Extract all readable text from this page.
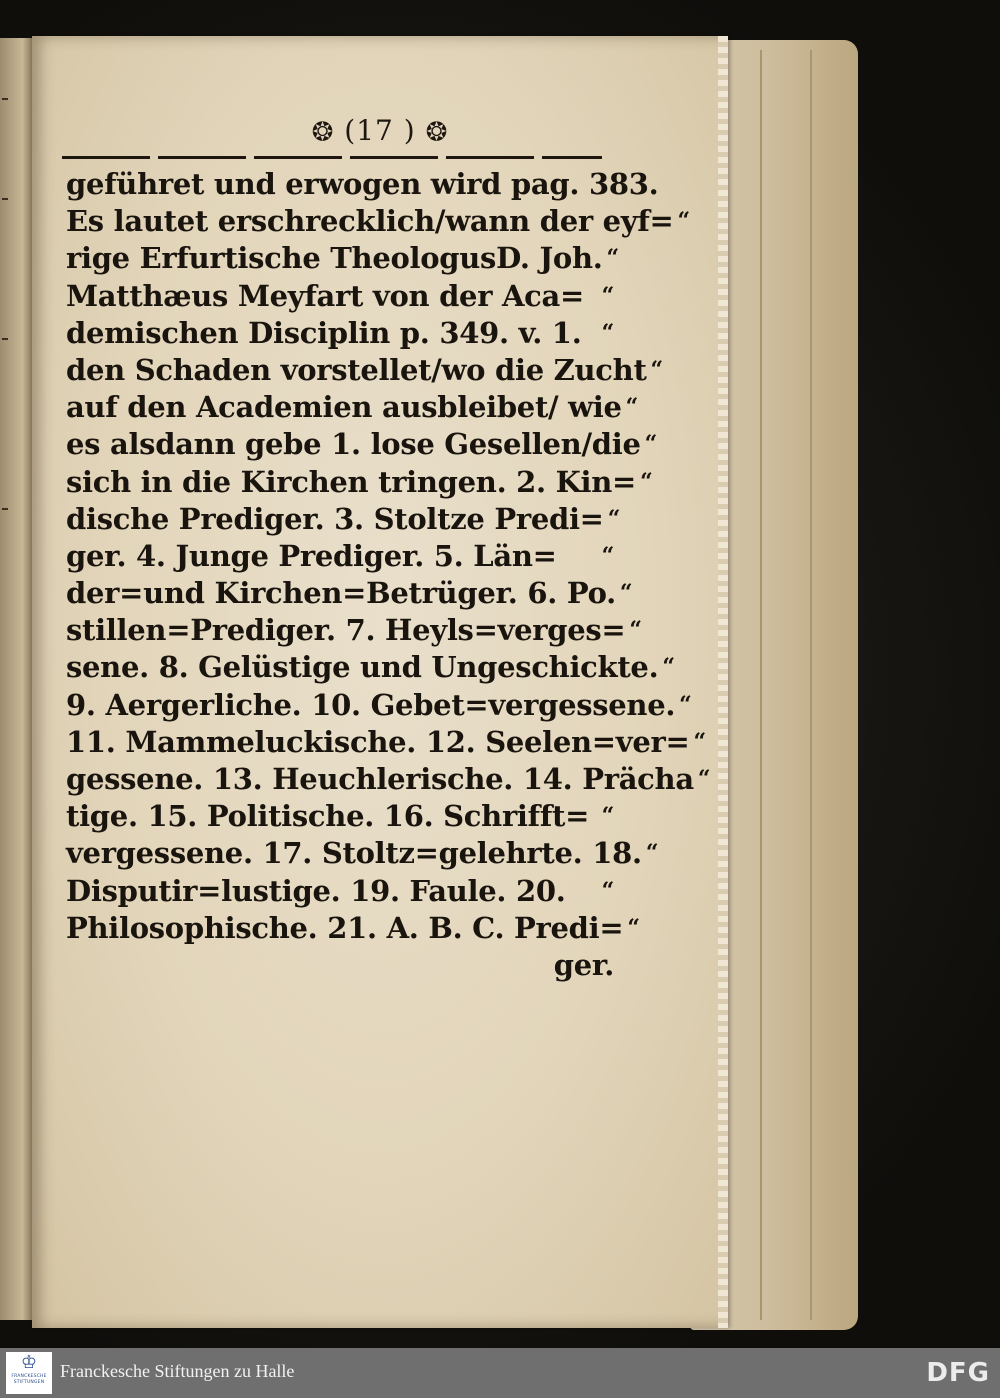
❂ (17 ) ❂
geführet und erwogen wird pag. 383.
Es lautet erschrecklich/wann der eyf= “
rige Erfurtische TheologusD. Joh. “
Matthæus Meyfart von der Aca= “
demischen Disciplin p. 349. v. 1. “
den Schaden vorstellet/wo die Zucht “
auf den Academien ausbleibet/ wie “
es alsdann gebe 1. lose Gesellen/die “
sich in die Kirchen tringen. 2. Kin= “
dische Prediger. 3. Stoltze Predi= “
ger. 4. Junge Prediger. 5. Län=	“
der=und Kirchen=Betrüger. 6. Po. “
stillen=Prediger. 7. Heyls=verges= “
sene. 8. Gelüstige und Ungeschickte. “
9. Aergerliche. 10. Gebet=vergessene. “
11. Mammeluckische. 12. Seelen=ver= “
gessene. 13. Heuchlerische. 14. Prächa “
tige. 15. Politische. 16. Schrifft= “
vergessene. 17. Stoltz=gelehrte. 18. “
Disputir=lustige. 19. Faule. 20.	“
Philosophische. 21. A. B. C. Predi= “
ger.
♔
FRANCKESCHE
STIFTUNGEN
Franckesche Stiftungen zu Halle	DFG
